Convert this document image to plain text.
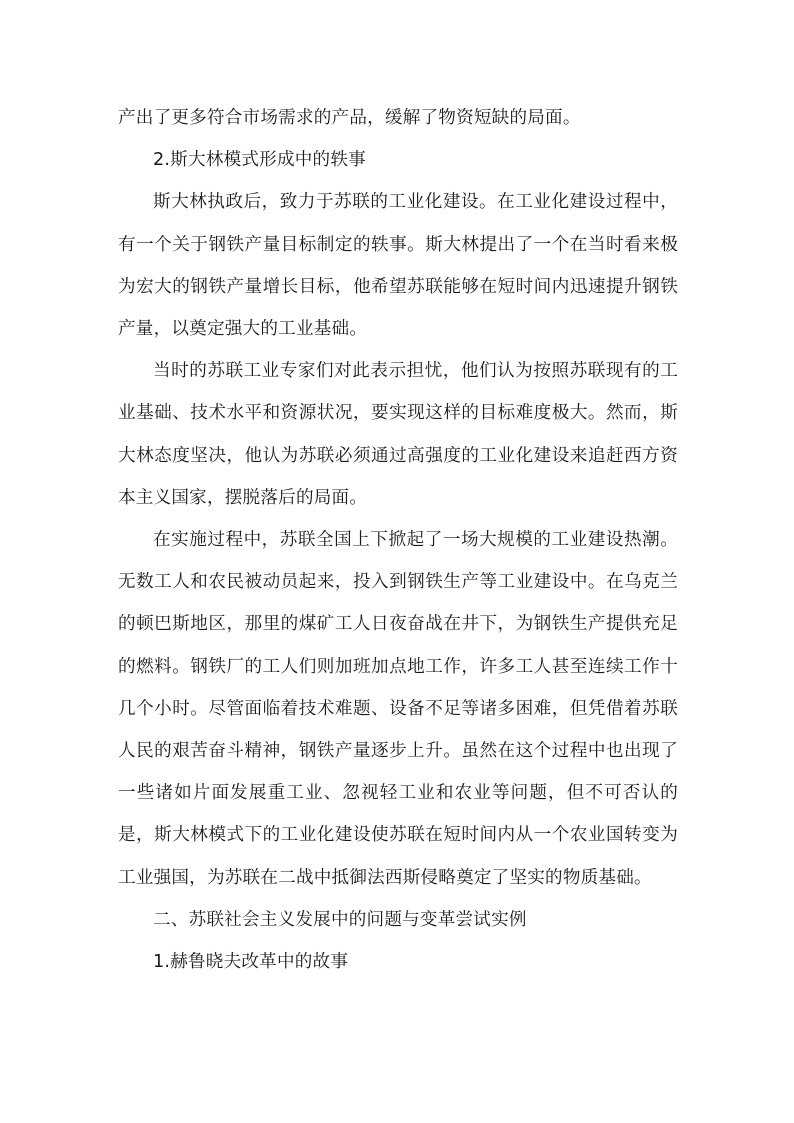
产出了更多符合市场需求的产品，缓解了物资短缺的局面。

2.斯大林模式形成中的轶事

斯大林执政后，致力于苏联的工业化建设。在工业化建设过程中，有一个关于钢铁产量目标制定的轶事。斯大林提出了一个在当时看来极为宏大的钢铁产量增长目标，他希望苏联能够在短时间内迅速提升钢铁产量，以奠定强大的工业基础。

当时的苏联工业专家们对此表示担忧，他们认为按照苏联现有的工业基础、技术水平和资源状况，要实现这样的目标难度极大。然而，斯大林态度坚决，他认为苏联必须通过高强度的工业化建设来追赶西方资本主义国家，摆脱落后的局面。

在实施过程中，苏联全国上下掀起了一场大规模的工业建设热潮。无数工人和农民被动员起来，投入到钢铁生产等工业建设中。在乌克兰的顿巴斯地区，那里的煤矿工人日夜奋战在井下，为钢铁生产提供充足的燃料。钢铁厂的工人们则加班加点地工作，许多工人甚至连续工作十几个小时。尽管面临着技术难题、设备不足等诸多困难，但凭借着苏联人民的艰苦奋斗精神，钢铁产量逐步上升。虽然在这个过程中也出现了一些诸如片面发展重工业、忽视轻工业和农业等问题，但不可否认的是，斯大林模式下的工业化建设使苏联在短时间内从一个农业国转变为工业强国，为苏联在二战中抵御法西斯侵略奠定了坚实的物质基础。

二、苏联社会主义发展中的问题与变革尝试实例

1.赫鲁晓夫改革中的故事
